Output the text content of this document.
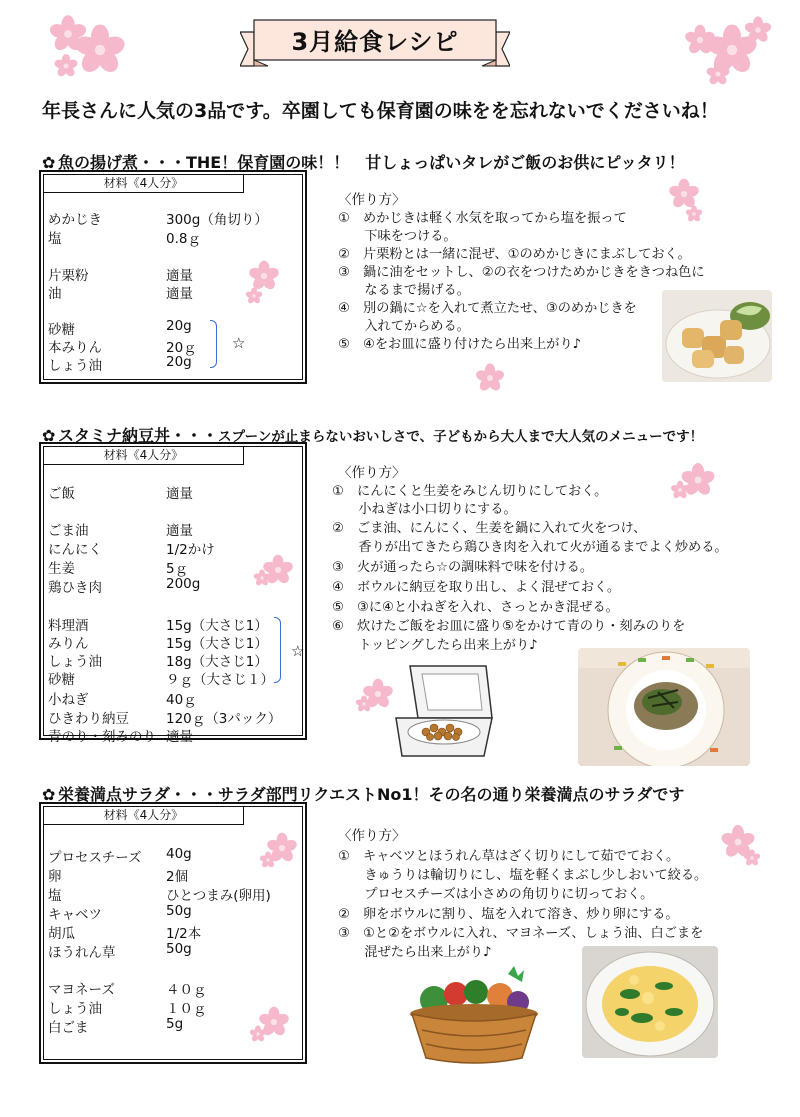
3月給食レシピ
年長さんに人気の3品です。卒園しても保育園の味をを忘れないでくださいね！
✿ 魚の揚げ煮・・・THE！保育園の味！！　甘しょっぱいタレがご飯のお供にピッタリ！
材料《4人分》
めかじき	300g（角切り）
塩	0.8ｇ
片栗粉	適量
油	適量
砂糖	20g
本みりん	20ｇ
しょう油	20g
☆
〈作り方〉
①　めかじきは軽く水気を取ってから塩を振って
　　下味をつける。
②　片栗粉とは一緒に混ぜ、①のめかじきにまぶしておく。
③　鍋に油をセットし、②の衣をつけためかじきをきつね色に
　　なるまで揚げる。
④　別の鍋に☆を入れて煮立たせ、③のめかじきを
　　入れてからめる。
⑤　④をお皿に盛り付けたら出来上がり♪
✿ スタミナ納豆丼・・・スプーンが止まらないおいしさで、子どもから大人まで大人気のメニューです！
材料《4人分》
ご飯	適量
ごま油	適量
にんにく	1/2かけ
生姜	5ｇ
鶏ひき肉	200g
料理酒	15g（大さじ1）
みりん	15g（大さじ1）
しょう油	18g（大さじ1）
砂糖	９ｇ（大さじ１）
小ねぎ	40ｇ
ひきわり納豆	120ｇ（3パック）
青のり・刻みのり 適量
☆
〈作り方〉
①　にんにくと生姜をみじん切りにしておく。
　　小ねぎは小口切りにする。
②　ごま油、にんにく、生姜を鍋に入れて火をつけ、
　　香りが出てきたら鶏ひき肉を入れて火が通るまでよく炒める。
③　火が通ったら☆の調味料で味を付ける。
④　ボウルに納豆を取り出し、よく混ぜておく。
⑤　③に④と小ねぎを入れ、さっとかき混ぜる。
⑥　炊けたご飯をお皿に盛り⑤をかけて青のり・刻みのりを
　　トッピングしたら出来上がり♪
✿ 栄養満点サラダ・・・サラダ部門リクエストNo1！その名の通り栄養満点のサラダです
材料《4人分》
プロセスチーズ 40g
卵	2個
塩	ひとつまみ(卵用)
キャベツ	50g
胡瓜	1/2本
ほうれん草	50g
マヨネーズ	４０ｇ
しょう油	１０ｇ
白ごま	5g
〈作り方〉
①　キャベツとほうれん草はざく切りにして茹でておく。
　　きゅうりは輪切りにし、塩を軽くまぶし少しおいて絞る。
　　プロセスチーズは小さめの角切りに切っておく。
②　卵をボウルに割り、塩を入れて溶き、炒り卵にする。
③　①と②をボウルに入れ、マヨネーズ、しょう油、白ごまを
　　混ぜたら出来上がり♪
